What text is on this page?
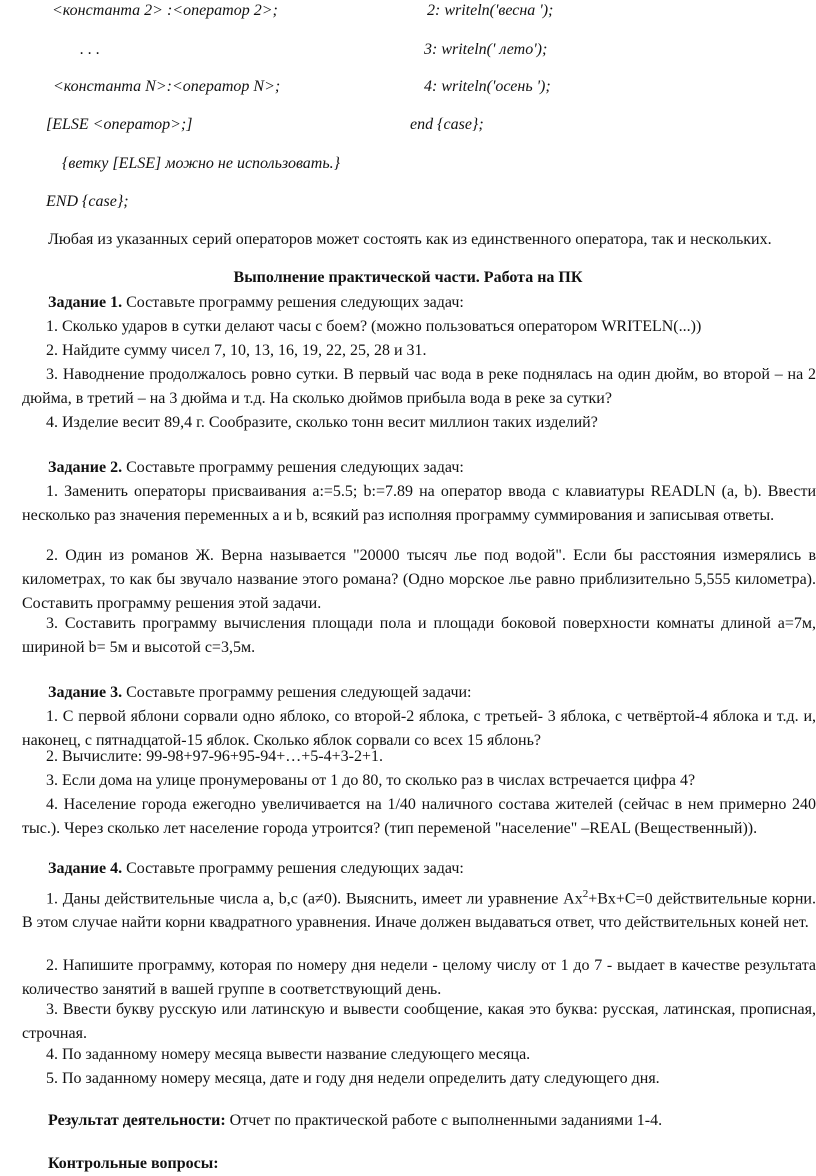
<константа 2> :<оператор 2>;	2: writeln('весна ');
. . .	3: writeln(' лето');
<константа N>:<оператор N>;	4: writeln('осень ');
[ELSE <оператор>;]	end {case};
{ветку [ELSE] можно не использовать.}
END {case};
Любая из указанных серий операторов может состоять как из единственного оператора, так и нескольких.
Выполнение практической части. Работа на ПК
Задание 1. Составьте программу решения следующих задач:
1. Сколько ударов в сутки делают часы с боем? (можно пользоваться оператором WRITELN(...))
2. Найдите сумму чисел 7, 10, 13, 16, 19, 22, 25, 28 и 31.
3. Наводнение продолжалось ровно сутки. В первый час вода в реке поднялась на один дюйм, во второй – на 2 дюйма, в третий – на 3 дюйма и т.д. На сколько дюймов прибыла вода в реке за сутки?
4. Изделие весит 89,4 г. Сообразите, сколько тонн весит миллион таких изделий?
Задание 2. Составьте программу решения следующих задач:
1. Заменить операторы присваивания a:=5.5; b:=7.89 на оператор ввода с клавиатуры READLN (a, b). Ввести несколько раз значения переменных a и b, всякий раз исполняя программу суммирования и записывая ответы.
2. Один из романов Ж. Верна называется "20000 тысяч лье под водой". Если бы расстояния измерялись в километрах, то как бы звучало название этого романа? (Одно морское лье равно приблизительно 5,555 километра). Составить программу решения этой задачи.
3. Составить программу вычисления площади пола и площади боковой поверхности комнаты длиной а=7м, шириной b= 5м и высотой с=3,5м.
Задание 3. Составьте программу решения следующей задачи:
1. С первой яблони сорвали одно яблоко, со второй-2 яблока, с третьей- 3 яблока, с четвёртой-4 яблока и т.д. и, наконец, с пятнадцатой-15 яблок. Сколько яблок сорвали со всех 15 яблонь?
2. Вычислите: 99-98+97-96+95-94+…+5-4+3-2+1.
3. Если дома на улице пронумерованы от 1 до 80, то сколько раз в числах встречается цифра 4?
4. Население города ежегодно увеличивается на 1/40 наличного состава жителей (сейчас в нем примерно 240 тыс.). Через сколько лет население города утроится? (тип переменой "население" –REAL (Вещественный)).
Задание 4. Составьте программу решения следующих задач:
1. Даны действительные числа a, b,c (a≠0). Выяснить, имеет ли уравнение $Аx^2+Bx+C=0$ действительные корни. В этом случае найти корни квадратного уравнения. Иначе должен выдаваться ответ, что действительных коней нет.
2. Напишите программу, которая по номеру дня недели - целому числу от 1 до 7 - выдает в качестве результата количество занятий в вашей группе в соответствующий день.
3. Ввести букву русскую или латинскую и вывести сообщение, какая это буква: русская, латинская, прописная, строчная.
4. По заданному номеру месяца вывести название следующего месяца.
5. По заданному номеру месяца, дате и году дня недели определить дату следующего дня.
Результат деятельности: Отчет по практической работе с выполненными заданиями 1-4.
Контрольные вопросы:
